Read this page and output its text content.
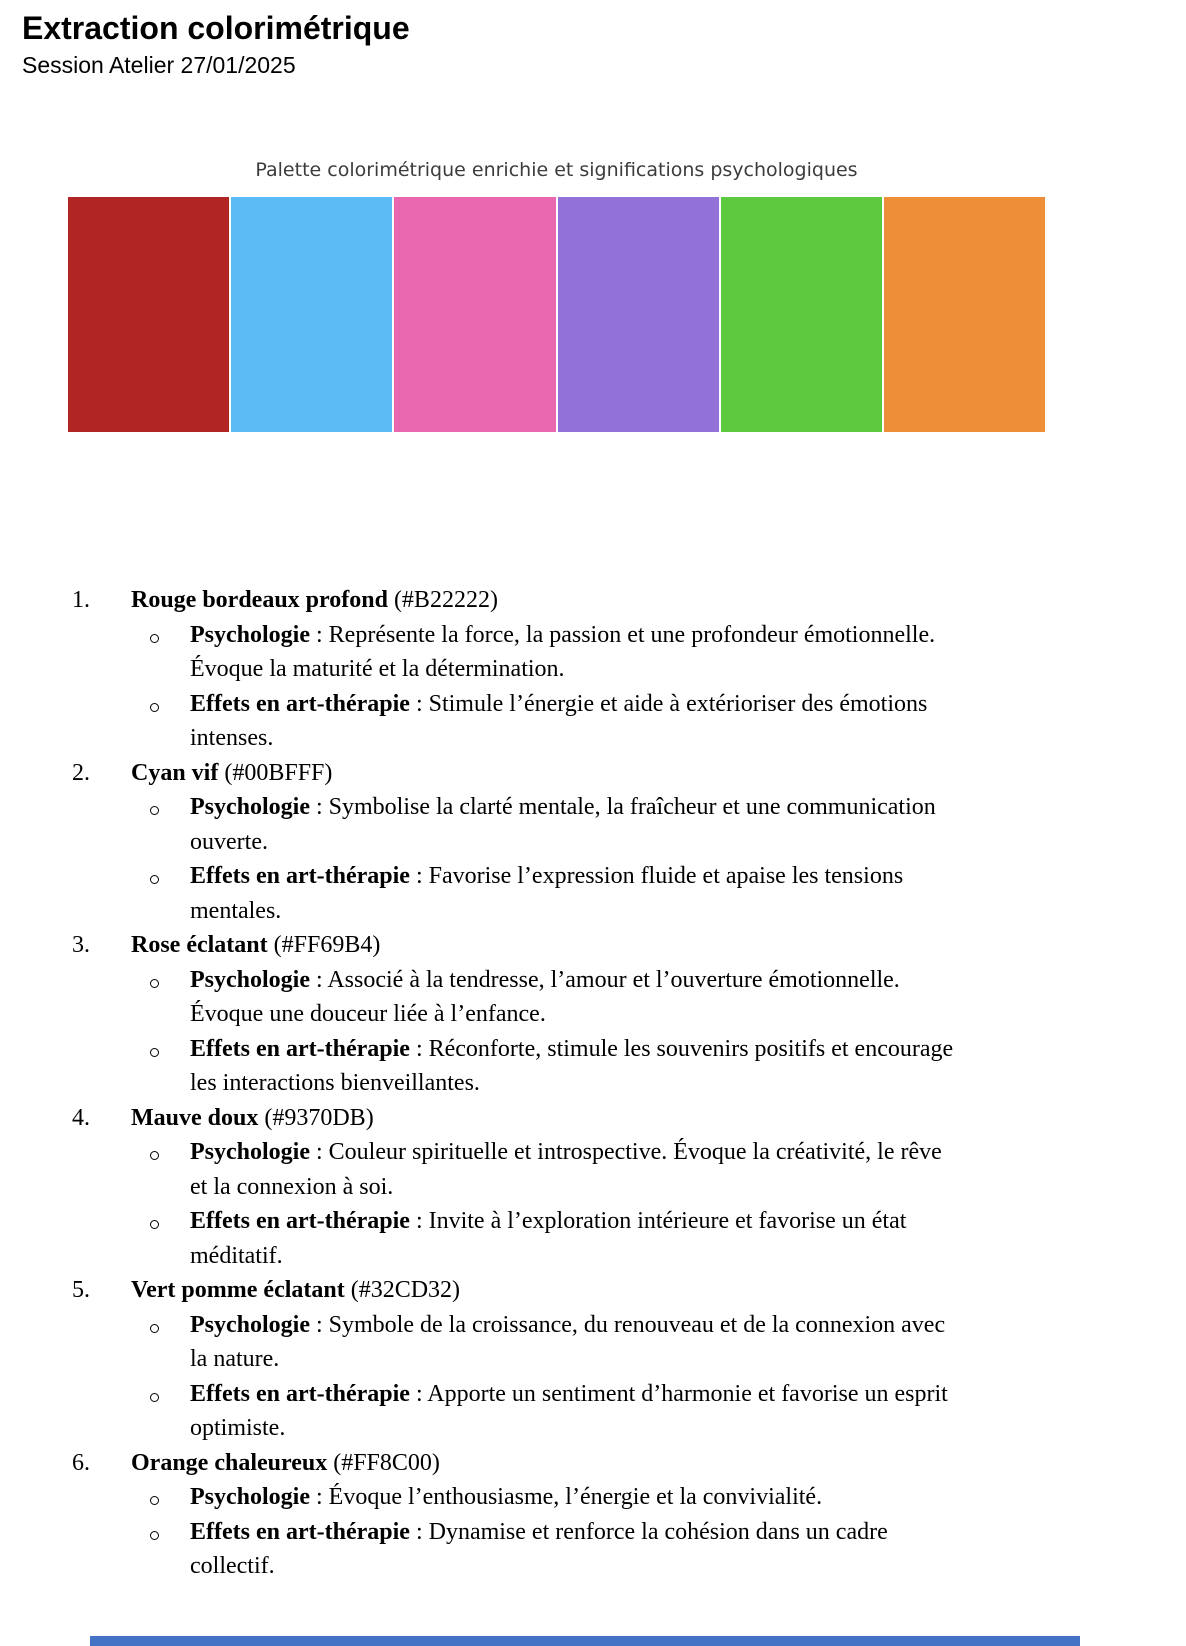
Extraction colorimétrique
Session Atelier 27/01/2025
Palette colorimétrique enrichie et significations psychologiques
1.	Rouge bordeaux profond (#B22222)
Psychologie : Représente la force, la passion et une profondeur émotionnelle.
Évoque la maturité et la détermination.
Effets en art-thérapie : Stimule l’énergie et aide à extérioriser des émotions
intenses.
2.	Cyan vif (#00BFFF)
Psychologie : Symbolise la clarté mentale, la fraîcheur et une communication
ouverte.
Effets en art-thérapie : Favorise l’expression fluide et apaise les tensions
mentales.
3.	Rose éclatant (#FF69B4)
Psychologie : Associé à la tendresse, l’amour et l’ouverture émotionnelle.
Évoque une douceur liée à l’enfance.
Effets en art-thérapie : Réconforte, stimule les souvenirs positifs et encourage
les interactions bienveillantes.
4.	Mauve doux (#9370DB)
Psychologie : Couleur spirituelle et introspective. Évoque la créativité, le rêve
et la connexion à soi.
Effets en art-thérapie : Invite à l’exploration intérieure et favorise un état
méditatif.
5.	Vert pomme éclatant (#32CD32)
Psychologie : Symbole de la croissance, du renouveau et de la connexion avec
la nature.
Effets en art-thérapie : Apporte un sentiment d’harmonie et favorise un esprit
optimiste.
6.	Orange chaleureux (#FF8C00)
Psychologie : Évoque l’enthousiasme, l’énergie et la convivialité.
Effets en art-thérapie : Dynamise et renforce la cohésion dans un cadre
collectif.
